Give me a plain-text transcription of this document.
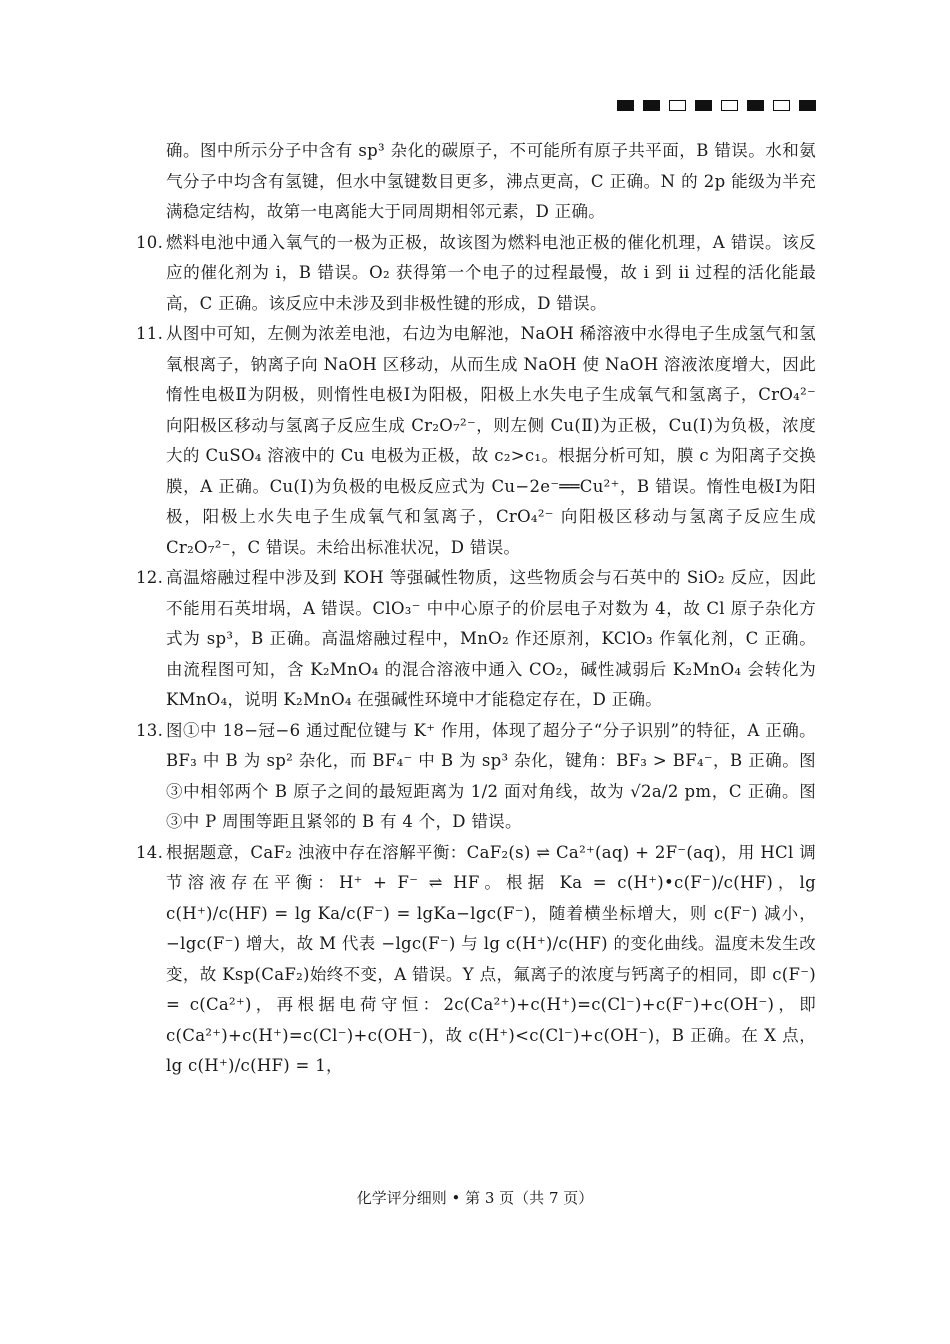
确。图中所示分子中含有 sp³ 杂化的碳原子，不可能所有原子共平面，B 错误。水和氨气分子中均含有氢键，但水中氢键数目更多，沸点更高，C 正确。N 的 2p 能级为半充满稳定结构，故第一电离能大于同周期相邻元素，D 正确。

10. 燃料电池中通入氧气的一极为正极，故该图为燃料电池正极的催化机理，A 错误。该反应的催化剂为 i，B 错误。O₂ 获得第一个电子的过程最慢，故 i 到 ii 过程的活化能最高，C 正确。该反应中未涉及到非极性键的形成，D 错误。

11. 从图中可知，左侧为浓差电池，右边为电解池，NaOH 稀溶液中水得电子生成氢气和氢氧根离子，钠离子向 NaOH 区移动，从而生成 NaOH 使 NaOH 溶液浓度增大，因此惰性电极Ⅱ为阴极，则惰性电极Ⅰ为阳极，阳极上水失电子生成氧气和氢离子，CrO₄²⁻ 向阳极区移动与氢离子反应生成 Cr₂O₇²⁻，则左侧 Cu(Ⅱ)为正极，Cu(Ⅰ)为负极，浓度大的 CuSO₄ 溶液中的 Cu 电极为正极，故 c₂>c₁。根据分析可知，膜 c 为阳离子交换膜，A 正确。Cu(Ⅰ)为负极的电极反应式为 Cu−2e⁻══Cu²⁺，B 错误。惰性电极Ⅰ为阳极，阳极上水失电子生成氧气和氢离子，CrO₄²⁻ 向阳极区移动与氢离子反应生成 Cr₂O₇²⁻，C 错误。未给出标准状况，D 错误。

12. 高温熔融过程中涉及到 KOH 等强碱性物质，这些物质会与石英中的 SiO₂ 反应，因此不能用石英坩埚，A 错误。ClO₃⁻ 中中心原子的价层电子对数为 4，故 Cl 原子杂化方式为 sp³，B 正确。高温熔融过程中，MnO₂ 作还原剂，KClO₃ 作氧化剂，C 正确。由流程图可知，含 K₂MnO₄ 的混合溶液中通入 CO₂，碱性减弱后 K₂MnO₄ 会转化为 KMnO₄，说明 K₂MnO₄ 在强碱性环境中才能稳定存在，D 正确。

13. 图①中 18−冠−6 通过配位键与 K⁺ 作用，体现了超分子“分子识别”的特征，A 正确。BF₃ 中 B 为 sp² 杂化，而 BF₄⁻ 中 B 为 sp³ 杂化，键角：BF₃ > BF₄⁻，B 正确。图③中相邻两个 B 原子之间的最短距离为 1/2 面对角线，故为 √2a/2 pm，C 正确。图③中 P 周围等距且紧邻的 B 有 4 个，D 错误。

14. 根据题意，CaF₂ 浊液中存在溶解平衡：CaF₂(s) ⇌ Ca²⁺(aq) + 2F⁻(aq)，用 HCl 调节溶液存在平衡：H⁺ + F⁻ ⇌ HF。根据 Ka = c(H⁺)•c(F⁻)/c(HF)，lg c(H⁺)/c(HF) = lg Ka/c(F⁻) = lgKa−lgc(F⁻)，随着横坐标增大，则 c(F⁻) 减小，−lgc(F⁻) 增大，故 M 代表 −lgc(F⁻) 与 lg c(H⁺)/c(HF) 的变化曲线。温度未发生改变，故 Ksp(CaF₂)始终不变，A 错误。Y 点，氟离子的浓度与钙离子的相同，即 c(F⁻) = c(Ca²⁺)，再根据电荷守恒：2c(Ca²⁺)+c(H⁺)=c(Cl⁻)+c(F⁻)+c(OH⁻)，即 c(Ca²⁺)+c(H⁺)=c(Cl⁻)+c(OH⁻)，故 c(H⁺)<c(Cl⁻)+c(OH⁻)，B 正确。在 X 点，lg c(H⁺)/c(HF) = 1，

化学评分细则 • 第 3 页（共 7 页）
